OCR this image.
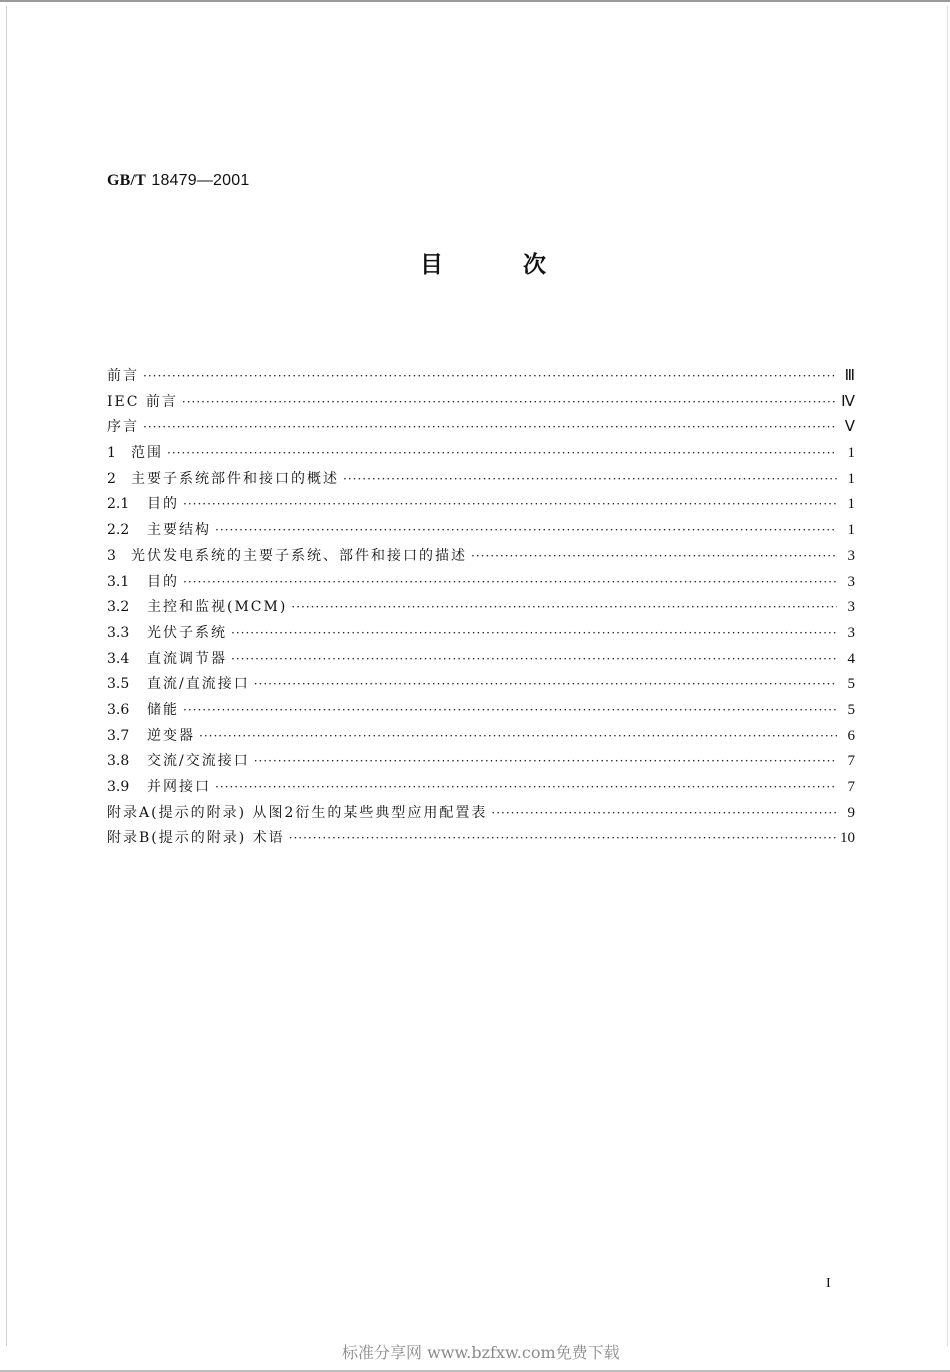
GB/T 18479—2001
目次
前言 ·····	Ⅲ
IEC 前言 ·····	Ⅳ
序言 ·····	Ⅴ
1 范围 ·····	1
2 主要子系统部件和接口的概述 ·····	1
2.1 目的 ·····	1
2.2 主要结构 ·····	1
3 光伏发电系统的主要子系统、部件和接口的描述 ·····	3
3.1 目的 ·····	3
3.2 主控和监视(MCM) ·····	3
3.3 光伏子系统 ·····	3
3.4 直流调节器 ·····	4
3.5 直流/直流接口 ·····	5
3.6 储能 ·····	5
3.7 逆变器 ·····	6
3.8 交流/交流接口 ·····	7
3.9 并网接口 ·····	7
附录A(提示的附录) 从图2衍生的某些典型应用配置表 ·····	9
附录B(提示的附录) 术语 ·····	10
I
标准分享网 www.bzfxw.com免费下载
